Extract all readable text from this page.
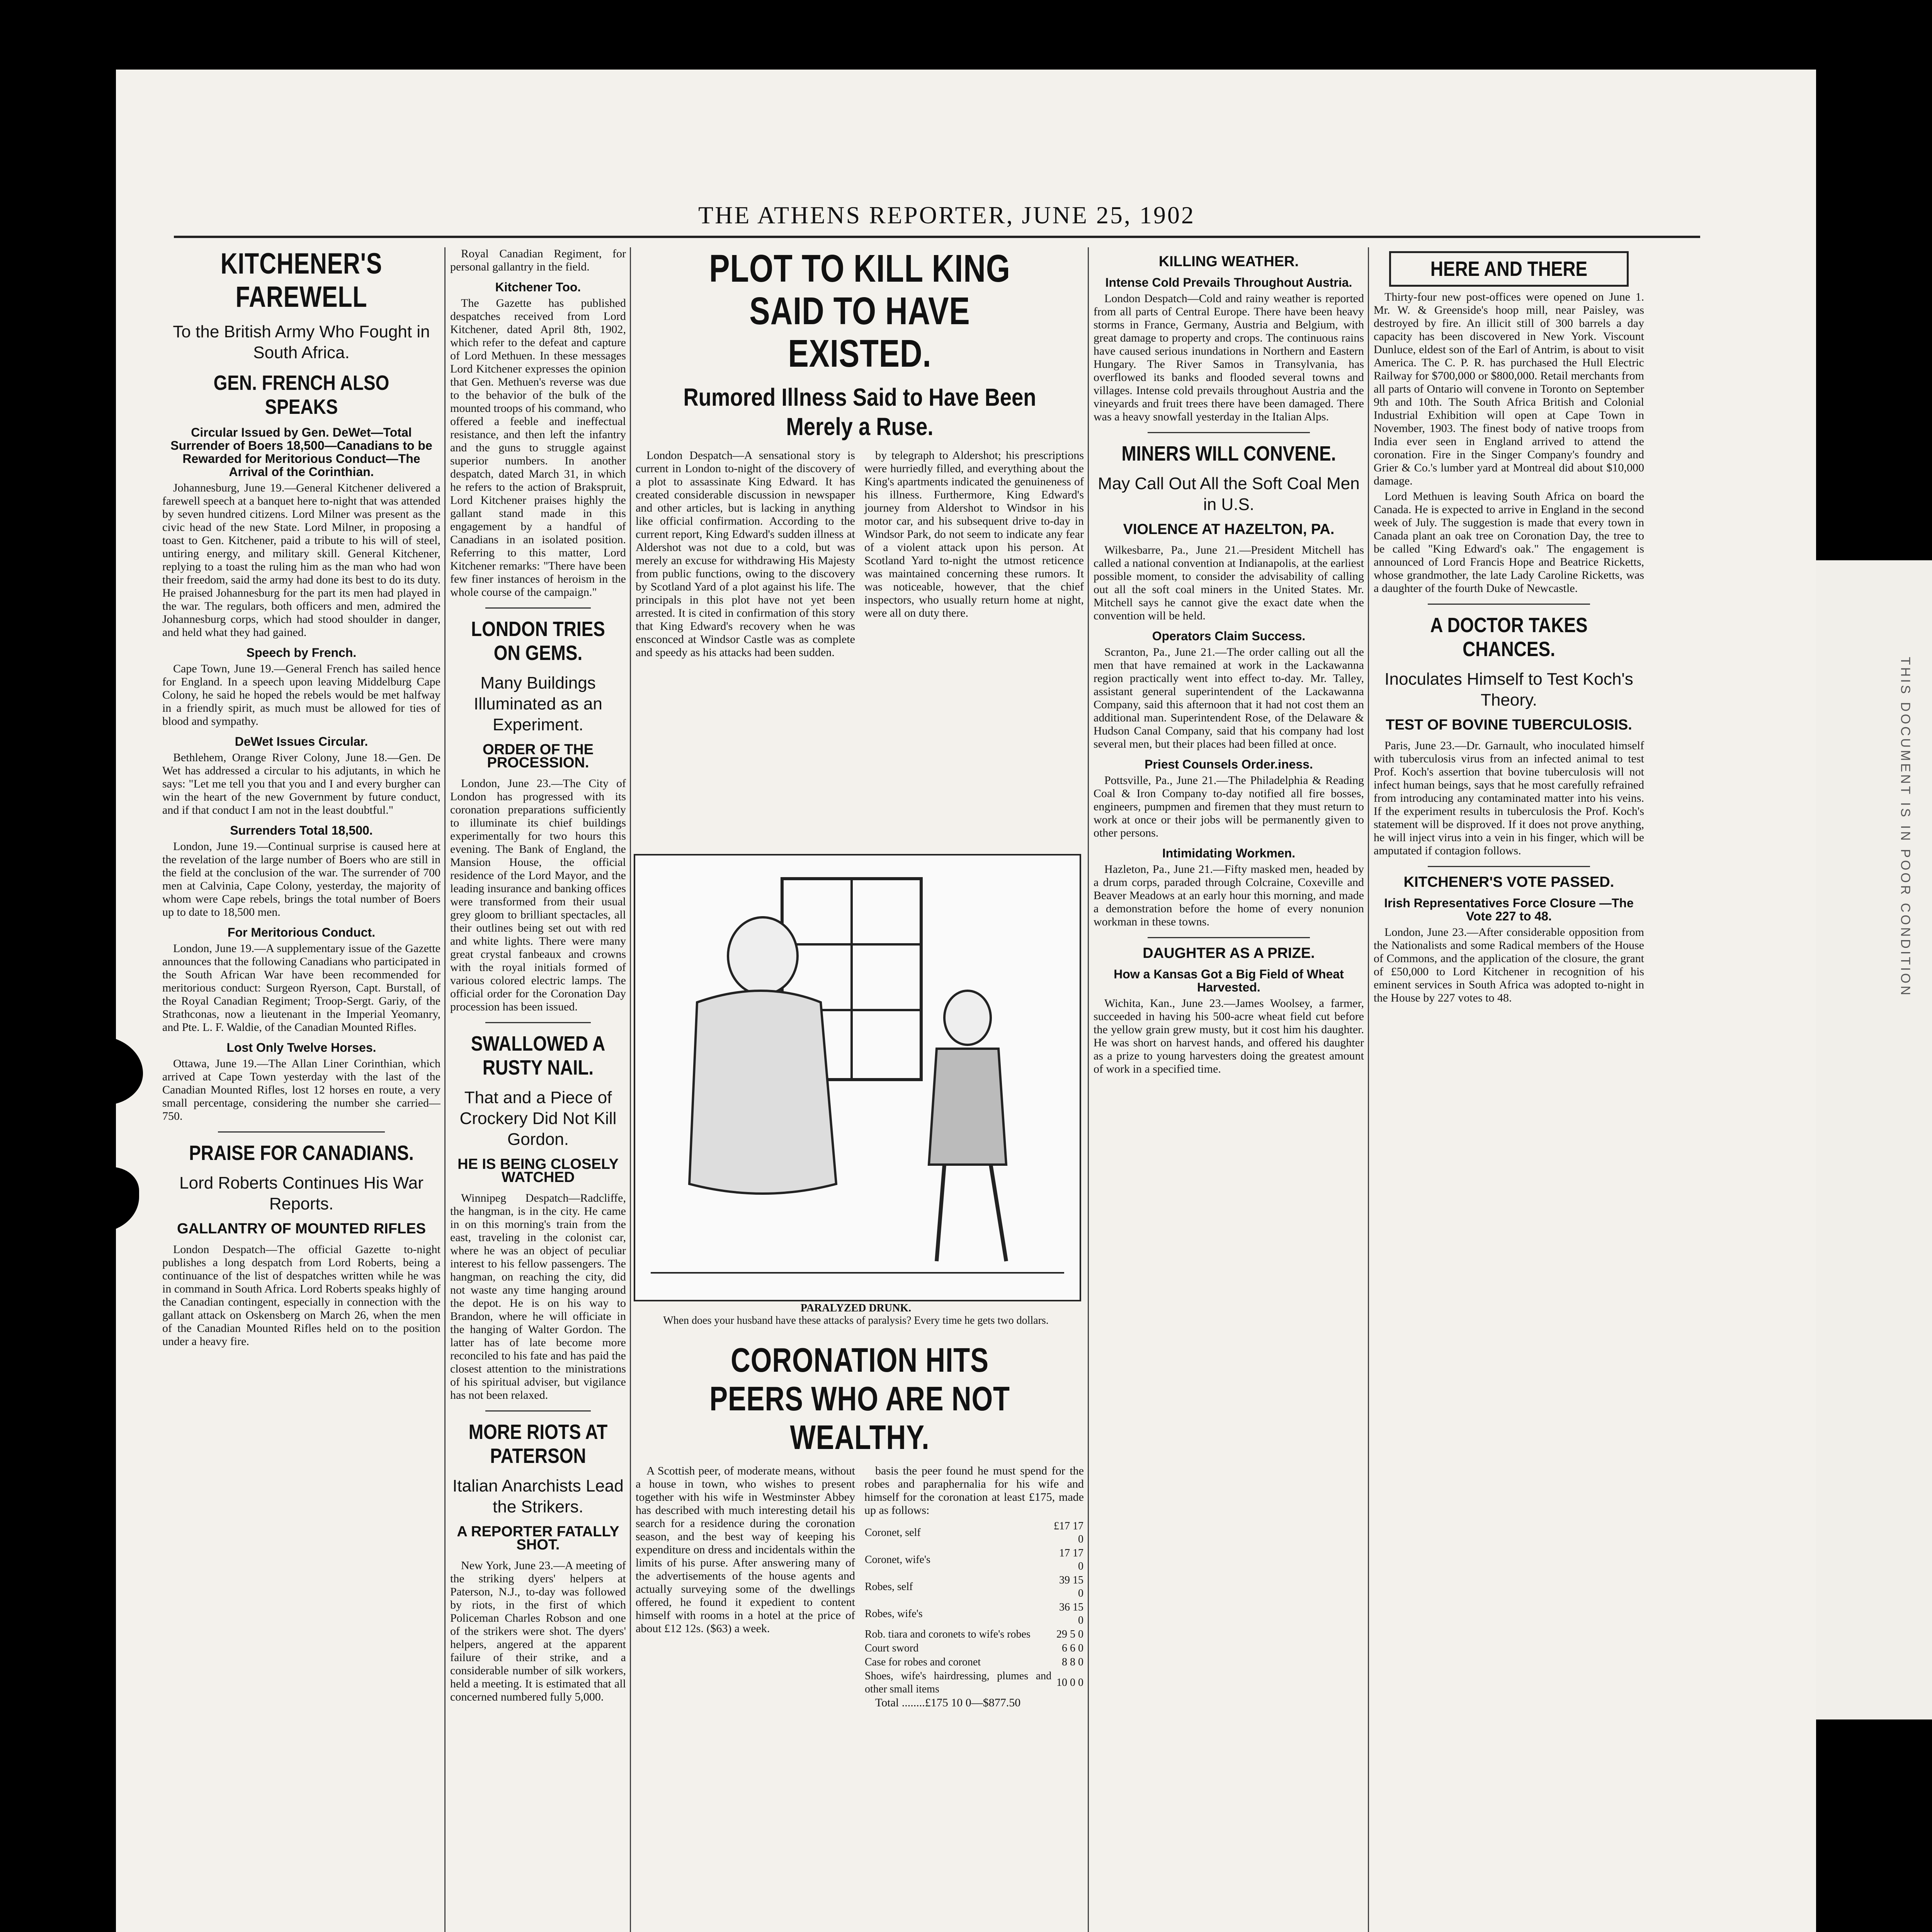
THIS DOCUMENT IS IN POOR CONDITION
THE ATHENS REPORTER, JUNE 25, 1902
KITCHENER'S FAREWELL
To the British Army Who Fought in South Africa.
GEN. FRENCH ALSO SPEAKS
Circular Issued by Gen. DeWet—Total Surrender of Boers 18,500—Canadians to be Rewarded for Meritorious Conduct—The Arrival of the Corinthian.

Johannesburg, June 19.—General Kitchener delivered a farewell speech at a banquet here to-night that was attended by seven hundred citizens. Lord Milner was present as the civic head of the new State. Lord Milner, in proposing a toast to Gen. Kitchener, paid a tribute to his will of steel, untiring energy, and military skill. General Kitchener, replying to a toast the ruling him as the man who had won their freedom, said the army had done its best to do its duty. He praised Johannesburg for the part its men had played in the war. The regulars, both officers and men, admired the Johannesburg corps, which had stood shoulder in danger, and held what they had gained.

Speech by French.

Cape Town, June 19.—General French has sailed hence for England. In a speech upon leaving Middelburg Cape Colony, he said he hoped the rebels would be met halfway in a friendly spirit, as much must be allowed for ties of blood and sympathy.

DeWet Issues Circular.

Bethlehem, Orange River Colony, June 18.—Gen. De Wet has addressed a circular to his adjutants, in which he says: "Let me tell you that you and I and every burgher can win the heart of the new Government by future conduct, and if that conduct I am not in the least doubtful."

Surrenders Total 18,500.

London, June 19.—Continual surprise is caused here at the revelation of the large number of Boers who are still in the field at the conclusion of the war. The surrender of 700 men at Calvinia, Cape Colony, yesterday, the majority of whom were Cape rebels, brings the total number of Boers up to date to 18,500 men.

For Meritorious Conduct.

London, June 19.—A supplementary issue of the Gazette announces that the following Canadians who participated in the South African War have been recommended for meritorious conduct: Surgeon Ryerson, Capt. Burstall, of the Royal Canadian Regiment; Troop-Sergt. Gariy, of the Strathconas, now a lieutenant in the Imperial Yeomanry, and Pte. L. F. Waldie, of the Canadian Mounted Rifles.

Lost Only Twelve Horses.

Ottawa, June 19.—The Allan Liner Corinthian, which arrived at Cape Town yesterday with the last of the Canadian Mounted Rifles, lost 12 horses en route, a very small percentage, considering the number she carried—750.

PRAISE FOR CANADIANS.
Lord Roberts Continues His War Reports.
GALLANTRY OF MOUNTED RIFLES

London Despatch—The official Gazette to-night publishes a long despatch from Lord Roberts, being a continuance of the list of despatches written while he was in command in South Africa. Lord Roberts speaks highly of the Canadian contingent, especially in connection with the gallant attack on Oskensberg on March 26, when the men of the Canadian Mounted Rifles held on to the position under a heavy fire.

Royal Canadian Regiment, for personal gallantry in the field.

Kitchener Too.

The Gazette has published despatches received from Lord Kitchener, dated April 8th, 1902, which refer to the defeat and capture of Lord Methuen. In these messages Lord Kitchener expresses the opinion that Gen. Methuen's reverse was due to the behavior of the bulk of the mounted troops of his command, who offered a feeble and ineffectual resistance, and then left the infantry and the guns to struggle against superior numbers. In another despatch, dated March 31, in which he refers to the action of Brakspruit, Lord Kitchener praises highly the gallant stand made in this engagement by a handful of Canadians in an isolated position. Referring to this matter, Lord Kitchener remarks: "There have been few finer instances of heroism in the whole course of the campaign."

LONDON TRIES ON GEMS.
Many Buildings Illuminated as an Experiment.
ORDER OF THE PROCESSION.

London, June 23.—The City of London has progressed with its coronation preparations sufficiently to illuminate its chief buildings experimentally for two hours this evening. The Bank of England, the Mansion House, the official residence of the Lord Mayor, and the leading insurance and banking offices were transformed from their usual grey gloom to brilliant spectacles, all their outlines being set out with red and white lights. There were many great crystal fanbeaux and crowns with the royal initials formed of various colored electric lamps. The official order for the Coronation Day procession has been issued.

SWALLOWED A RUSTY NAIL.
That and a Piece of Crockery Did Not Kill Gordon.
HE IS BEING CLOSELY WATCHED

Winnipeg Despatch—Radcliffe, the hangman, is in the city. He came in on this morning's train from the east, traveling in the colonist car, where he was an object of peculiar interest to his fellow passengers. The hangman, on reaching the city, did not waste any time hanging around the depot. He is on his way to Brandon, where he will officiate in the hanging of Walter Gordon. The latter has of late become more reconciled to his fate and has paid the closest attention to the ministrations of his spiritual adviser, but vigilance has not been relaxed.

MORE RIOTS AT PATERSON
Italian Anarchists Lead the Strikers.
A REPORTER FATALLY SHOT.

New York, June 23.—A meeting of the striking dyers' helpers at Paterson, N.J., to-day was followed by riots, in the first of which Policeman Charles Robson and one of the strikers were shot. The dyers' helpers, angered at the apparent failure of their strike, and a considerable number of silk workers, held a meeting. It is estimated that all concerned numbered fully 5,000.

PLOT TO KILL KING SAID TO HAVE EXISTED.
Rumored Illness Said to Have Been Merely a Ruse.

London Despatch—A sensational story is current in London to-night of the discovery of a plot to assassinate King Edward. It has created considerable discussion in newspaper and other articles, but is lacking in anything like official confirmation. According to the current report, King Edward's sudden illness at Aldershot was not due to a cold, but was merely an excuse for withdrawing His Majesty from public functions, owing to the discovery by Scotland Yard of a plot against his life. The principals in this plot have not yet been arrested. It is cited in confirmation of this story that King Edward's recovery when he was ensconced at Windsor Castle was as complete and speedy as his attacks had been sudden.

by telegraph to Aldershot; his prescriptions were hurriedly filled, and everything about the King's apartments indicated the genuineness of his illness. Furthermore, King Edward's journey from Aldershot to Windsor in his motor car, and his subsequent drive to-day in Windsor Park, do not seem to indicate any fear of a violent attack upon his person. At Scotland Yard to-night the utmost reticence was maintained concerning these rumors. It was noticeable, however, that the chief inspectors, who usually return home at night, were all on duty there.

PARALYZED DRUNK.
When does your husband have these attacks of paralysis? Every time he gets two dollars.
CORONATION HITS PEERS WHO ARE NOT WEALTHY.

A Scottish peer, of moderate means, without a house in town, who wishes to present together with his wife in Westminster Abbey has described with much interesting detail his search for a residence during the coronation season, and the best way of keeping his expenditure on dress and incidentals within the limits of his purse. After answering many of the advertisements of the house agents and actually surveying some of the dwellings offered, he found it expedient to content himself with rooms in a hotel at the price of about £12 12s. ($63) a week.

basis the peer found he must spend for the robes and paraphernalia for his wife and himself for the coronation at least £175, made up as follows:

Coronet, self	£17 17 0
Coronet, wife's	17 17 0
Robes, self	39 15 0
Robes, wife's	36 15 0
Rob. tiara and coronets to wife's robes	29 5 0
Court sword	6 6 0
Case for robes and coronet	8 8 0
Shoes, wife's hairdressing, plumes and other small items	10 0 0

Total ........£175 10 0—$877.50

KILLING WEATHER.
Intense Cold Prevails Throughout Austria.

London Despatch—Cold and rainy weather is reported from all parts of Central Europe. There have been heavy storms in France, Germany, Austria and Belgium, with great damage to property and crops. The continuous rains have caused serious inundations in Northern and Eastern Hungary. The River Samos in Transylvania, has overflowed its banks and flooded several towns and villages. Intense cold prevails throughout Austria and the vineyards and fruit trees there have been damaged. There was a heavy snowfall yesterday in the Italian Alps.

MINERS WILL CONVENE.
May Call Out All the Soft Coal Men in U.S.
VIOLENCE AT HAZELTON, PA.

Wilkesbarre, Pa., June 21.—President Mitchell has called a national convention at Indianapolis, at the earliest possible moment, to consider the advisability of calling out all the soft coal miners in the United States. Mr. Mitchell says he cannot give the exact date when the convention will be held.

Operators Claim Success.

Scranton, Pa., June 21.—The order calling out all the men that have remained at work in the Lackawanna region practically went into effect to-day. Mr. Talley, assistant general superintendent of the Lackawanna Company, said this afternoon that it had not cost them an additional man. Superintendent Rose, of the Delaware & Hudson Canal Company, said that his company had lost several men, but their places had been filled at once.

Priest Counsels Order.iness.

Pottsville, Pa., June 21.—The Philadelphia & Reading Coal & Iron Company to-day notified all fire bosses, engineers, pumpmen and firemen that they must return to work at once or their jobs will be permanently given to other persons.

Intimidating Workmen.

Hazleton, Pa., June 21.—Fifty masked men, headed by a drum corps, paraded through Colcraine, Coxeville and Beaver Meadows at an early hour this morning, and made a demonstration before the home of every nonunion workman in these towns.

DAUGHTER AS A PRIZE.
How a Kansas Got a Big Field of Wheat Harvested.

Wichita, Kan., June 23.—James Woolsey, a farmer, succeeded in having his 500-acre wheat field cut before the yellow grain grew musty, but it cost him his daughter. He was short on harvest hands, and offered his daughter as a prize to young harvesters doing the greatest amount of work in a specified time.

HERE AND THERE

Thirty-four new post-offices were opened on June 1. Mr. W. & Greenside's hoop mill, near Paisley, was destroyed by fire. An illicit still of 300 barrels a day capacity has been discovered in New York. Viscount Dunluce, eldest son of the Earl of Antrim, is about to visit America. The C. P. R. has purchased the Hull Electric Railway for $700,000 or $800,000. Retail merchants from all parts of Ontario will convene in Toronto on September 9th and 10th. The South Africa British and Colonial Industrial Exhibition will open at Cape Town in November, 1903. The finest body of native troops from India ever seen in England arrived to attend the coronation. Fire in the Singer Company's foundry and Grier & Co.'s lumber yard at Montreal did about $10,000 damage.

Lord Methuen is leaving South Africa on board the Canada. He is expected to arrive in England in the second week of July. The suggestion is made that every town in Canada plant an oak tree on Coronation Day, the tree to be called "King Edward's oak." The engagement is announced of Lord Francis Hope and Beatrice Ricketts, whose grandmother, the late Lady Caroline Ricketts, was a daughter of the fourth Duke of Newcastle.

A DOCTOR TAKES CHANCES.
Inoculates Himself to Test Koch's Theory.
TEST OF BOVINE TUBERCULOSIS.

Paris, June 23.—Dr. Garnault, who inoculated himself with tuberculosis virus from an infected animal to test Prof. Koch's assertion that bovine tuberculosis will not infect human beings, says that he most carefully refrained from introducing any contaminated matter into his veins. If the experiment results in tuberculosis the Prof. Koch's statement will be disproved. If it does not prove anything, he will inject virus into a vein in his finger, which will be amputated if contagion follows.

KITCHENER'S VOTE PASSED.
Irish Representatives Force Closure —The Vote 227 to 48.

London, June 23.—After considerable opposition from the Nationalists and some Radical members of the House of Commons, and the application of the closure, the grant of £50,000 to Lord Kitchener in recognition of his eminent services in South Africa was adopted to-night in the House by 227 votes to 48.
